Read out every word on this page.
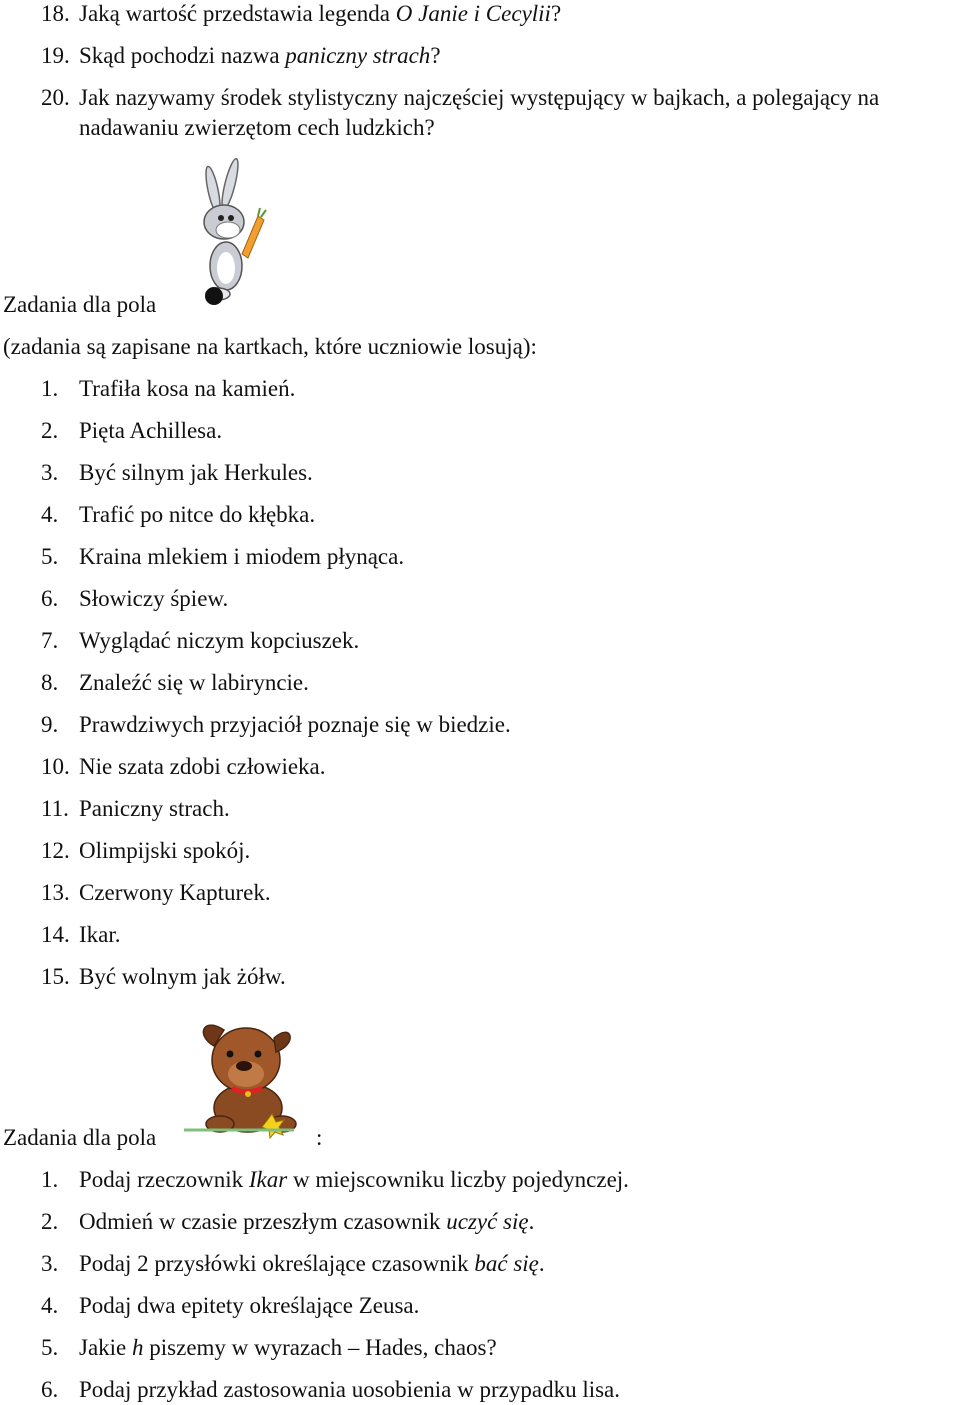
18. Jaką wartość przedstawia legenda O Janie i Cecylii?
19. Skąd pochodzi nazwa paniczny strach?
20. Jak nazywamy środek stylistyczny najczęściej występujący w bajkach, a polegający na
nadawaniu zwierzętom cech ludzkich?
Zadania dla pola
(zadania są zapisane na kartkach, które uczniowie losują):
1. Trafiła kosa na kamień.
2. Pięta Achillesa.
3. Być silnym jak Herkules.
4. Trafić po nitce do kłębka.
5. Kraina mlekiem i miodem płynąca.
6. Słowiczy śpiew.
7. Wyglądać niczym kopciuszek.
8. Znaleźć się w labiryncie.
9. Prawdziwych przyjaciół poznaje się w biedzie.
10. Nie szata zdobi człowieka.
11. Paniczny strach.
12. Olimpijski spokój.
13. Czerwony Kapturek.
14. Ikar.
15. Być wolnym jak żółw.
Zadania dla pola	:
1. Podaj rzeczownik Ikar w miejscowniku liczby pojedynczej.
2. Odmień w czasie przeszłym czasownik uczyć się.
3. Podaj 2 przysłówki określające czasownik bać się.
4. Podaj dwa epitety określające Zeusa.
5. Jakie h piszemy w wyrazach – Hades, chaos?
6. Podaj przykład zastosowania uosobienia w przypadku lisa.
